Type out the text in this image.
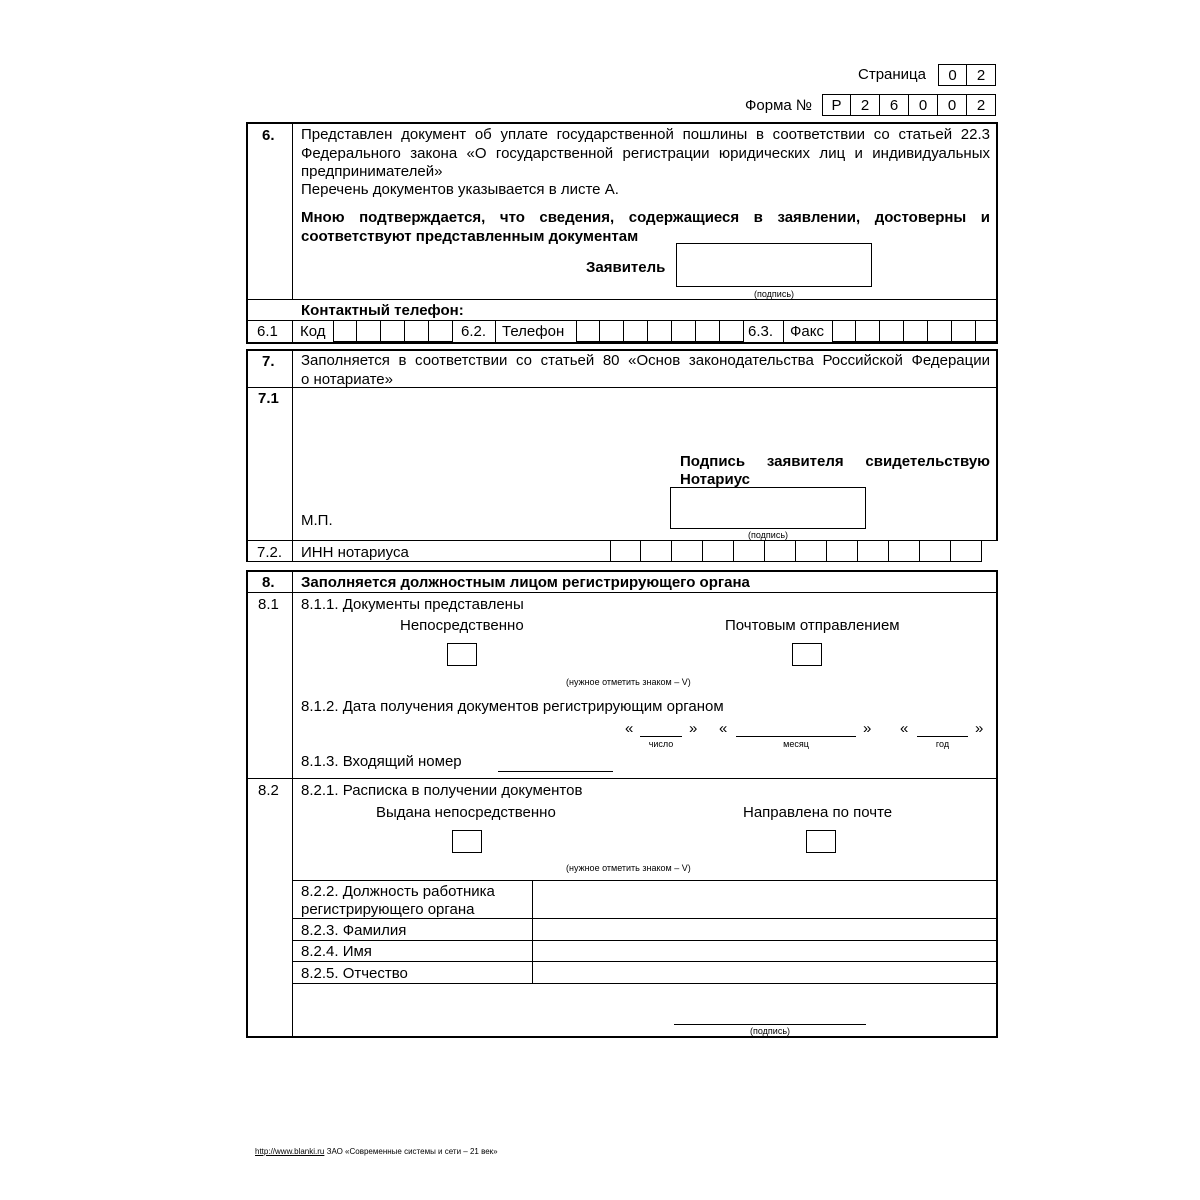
Страница	0	2
Форма №	Р	2	6	0	0	2
6. Представлен документ об уплате государственной пошлины в соответствии со статьей 22.3
Федерального закона «О государственной регистрации юридических лиц и индивидуальных
предпринимателей»
Перечень документов указывается в листе А.
Мною подтверждается, что сведения, содержащиеся в заявлении, достоверны и
соответствуют представленным документам
Заявитель
(подпись)
Контактный телефон:
6.1 Код	6.2. Телефон	6.3. Факс
7. Заполняется в соответствии со статьей 80 «Основ законодательства Российской Федерации
о нотариате»
7.1
Подпись заявителя свидетельствую
Нотариус
(подпись)
М.П.
7.2. ИНН нотариуса
8. Заполняется должностным лицом регистрирующего органа
8.1 8.1.1. Документы представлены
Непосредственно	Почтовым отправлением
(нужное отметить знаком – V)
8.1.2. Дата получения документов регистрирующим органом
«	»
число
«	»
месяц
«	»
год
8.1.3. Входящий номер
8.2 8.2.1. Расписка в получении документов
Выдана непосредственно	Направлена по почте
(нужное отметить знаком – V)
8.2.2. Должность работника
регистрирующего органа
8.2.3. Фамилия
8.2.4. Имя
8.2.5. Отчество
(подпись)
http://www.blanki.ru ЗАО «Современные системы и сети – 21 век»
